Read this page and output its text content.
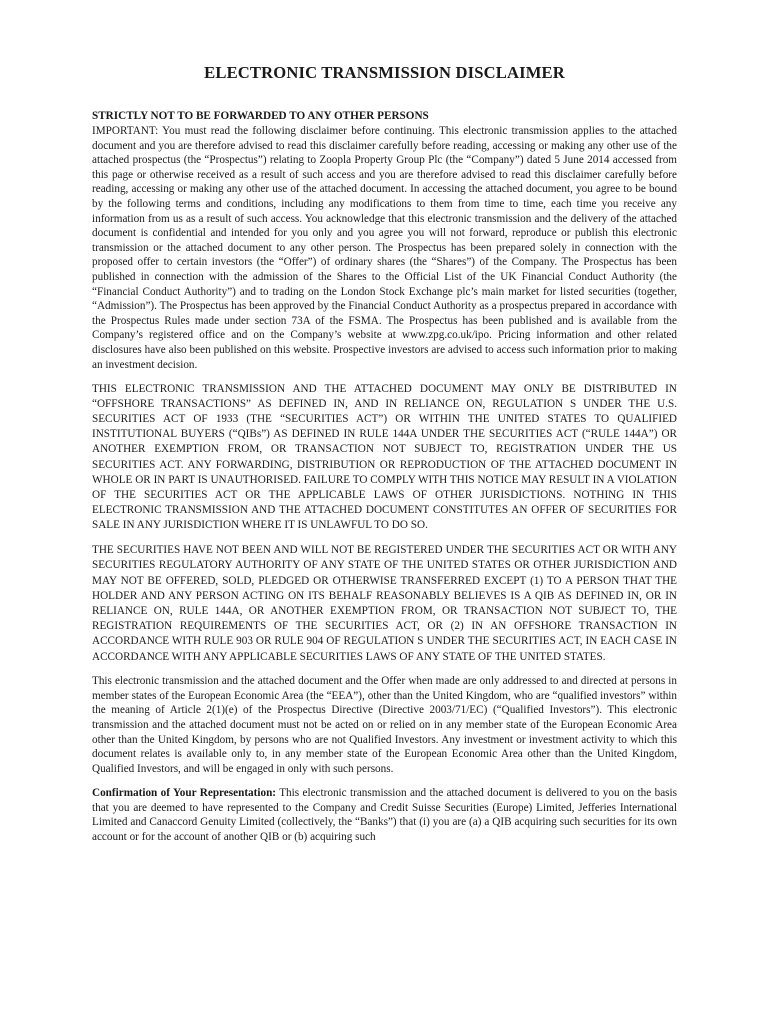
ELECTRONIC TRANSMISSION DISCLAIMER
STRICTLY NOT TO BE FORWARDED TO ANY OTHER PERSONS

IMPORTANT: You must read the following disclaimer before continuing. This electronic transmission applies to the attached document and you are therefore advised to read this disclaimer carefully before reading, accessing or making any other use of the attached prospectus (the “Prospectus”) relating to Zoopla Property Group Plc (the “Company”) dated 5 June 2014 accessed from this page or otherwise received as a result of such access and you are therefore advised to read this disclaimer carefully before reading, accessing or making any other use of the attached document. In accessing the attached document, you agree to be bound by the following terms and conditions, including any modifications to them from time to time, each time you receive any information from us as a result of such access. You acknowledge that this electronic transmission and the delivery of the attached document is confidential and intended for you only and you agree you will not forward, reproduce or publish this electronic transmission or the attached document to any other person. The Prospectus has been prepared solely in connection with the proposed offer to certain investors (the “Offer”) of ordinary shares (the “Shares”) of the Company. The Prospectus has been published in connection with the admission of the Shares to the Official List of the UK Financial Conduct Authority (the “Financial Conduct Authority”) and to trading on the London Stock Exchange plc’s main market for listed securities (together, “Admission”). The Prospectus has been approved by the Financial Conduct Authority as a prospectus prepared in accordance with the Prospectus Rules made under section 73A of the FSMA. The Prospectus has been published and is available from the Company’s registered office and on the Company’s website at www.zpg.co.uk/ipo. Pricing information and other related disclosures have also been published on this website. Prospective investors are advised to access such information prior to making an investment decision.

THIS ELECTRONIC TRANSMISSION AND THE ATTACHED DOCUMENT MAY ONLY BE DISTRIBUTED IN “OFFSHORE TRANSACTIONS” AS DEFINED IN, AND IN RELIANCE ON, REGULATION S UNDER THE U.S. SECURITIES ACT OF 1933 (THE “SECURITIES ACT”) OR WITHIN THE UNITED STATES TO QUALIFIED INSTITUTIONAL BUYERS (“QIBs”) AS DEFINED IN RULE 144A UNDER THE SECURITIES ACT (“RULE 144A”) OR ANOTHER EXEMPTION FROM, OR TRANSACTION NOT SUBJECT TO, REGISTRATION UNDER THE US SECURITIES ACT. ANY FORWARDING, DISTRIBUTION OR REPRODUCTION OF THE ATTACHED DOCUMENT IN WHOLE OR IN PART IS UNAUTHORISED. FAILURE TO COMPLY WITH THIS NOTICE MAY RESULT IN A VIOLATION OF THE SECURITIES ACT OR THE APPLICABLE LAWS OF OTHER JURISDICTIONS. NOTHING IN THIS ELECTRONIC TRANSMISSION AND THE ATTACHED DOCUMENT CONSTITUTES AN OFFER OF SECURITIES FOR SALE IN ANY JURISDICTION WHERE IT IS UNLAWFUL TO DO SO.

THE SECURITIES HAVE NOT BEEN AND WILL NOT BE REGISTERED UNDER THE SECURITIES ACT OR WITH ANY SECURITIES REGULATORY AUTHORITY OF ANY STATE OF THE UNITED STATES OR OTHER JURISDICTION AND MAY NOT BE OFFERED, SOLD, PLEDGED OR OTHERWISE TRANSFERRED EXCEPT (1) TO A PERSON THAT THE HOLDER AND ANY PERSON ACTING ON ITS BEHALF REASONABLY BELIEVES IS A QIB AS DEFINED IN, OR IN RELIANCE ON, RULE 144A, OR ANOTHER EXEMPTION FROM, OR TRANSACTION NOT SUBJECT TO, THE REGISTRATION REQUIREMENTS OF THE SECURITIES ACT, OR (2) IN AN OFFSHORE TRANSACTION IN ACCORDANCE WITH RULE 903 OR RULE 904 OF REGULATION S UNDER THE SECURITIES ACT, IN EACH CASE IN ACCORDANCE WITH ANY APPLICABLE SECURITIES LAWS OF ANY STATE OF THE UNITED STATES.

This electronic transmission and the attached document and the Offer when made are only addressed to and directed at persons in member states of the European Economic Area (the “EEA”), other than the United Kingdom, who are “qualified investors” within the meaning of Article 2(1)(e) of the Prospectus Directive (Directive 2003/71/EC) (“Qualified Investors”). This electronic transmission and the attached document must not be acted on or relied on in any member state of the European Economic Area other than the United Kingdom, by persons who are not Qualified Investors. Any investment or investment activity to which this document relates is available only to, in any member state of the European Economic Area other than the United Kingdom, Qualified Investors, and will be engaged in only with such persons.

Confirmation of Your Representation: This electronic transmission and the attached document is delivered to you on the basis that you are deemed to have represented to the Company and Credit Suisse Securities (Europe) Limited, Jefferies International Limited and Canaccord Genuity Limited (collectively, the “Banks”) that (i) you are (a) a QIB acquiring such securities for its own account or for the account of another QIB or (b) acquiring such
